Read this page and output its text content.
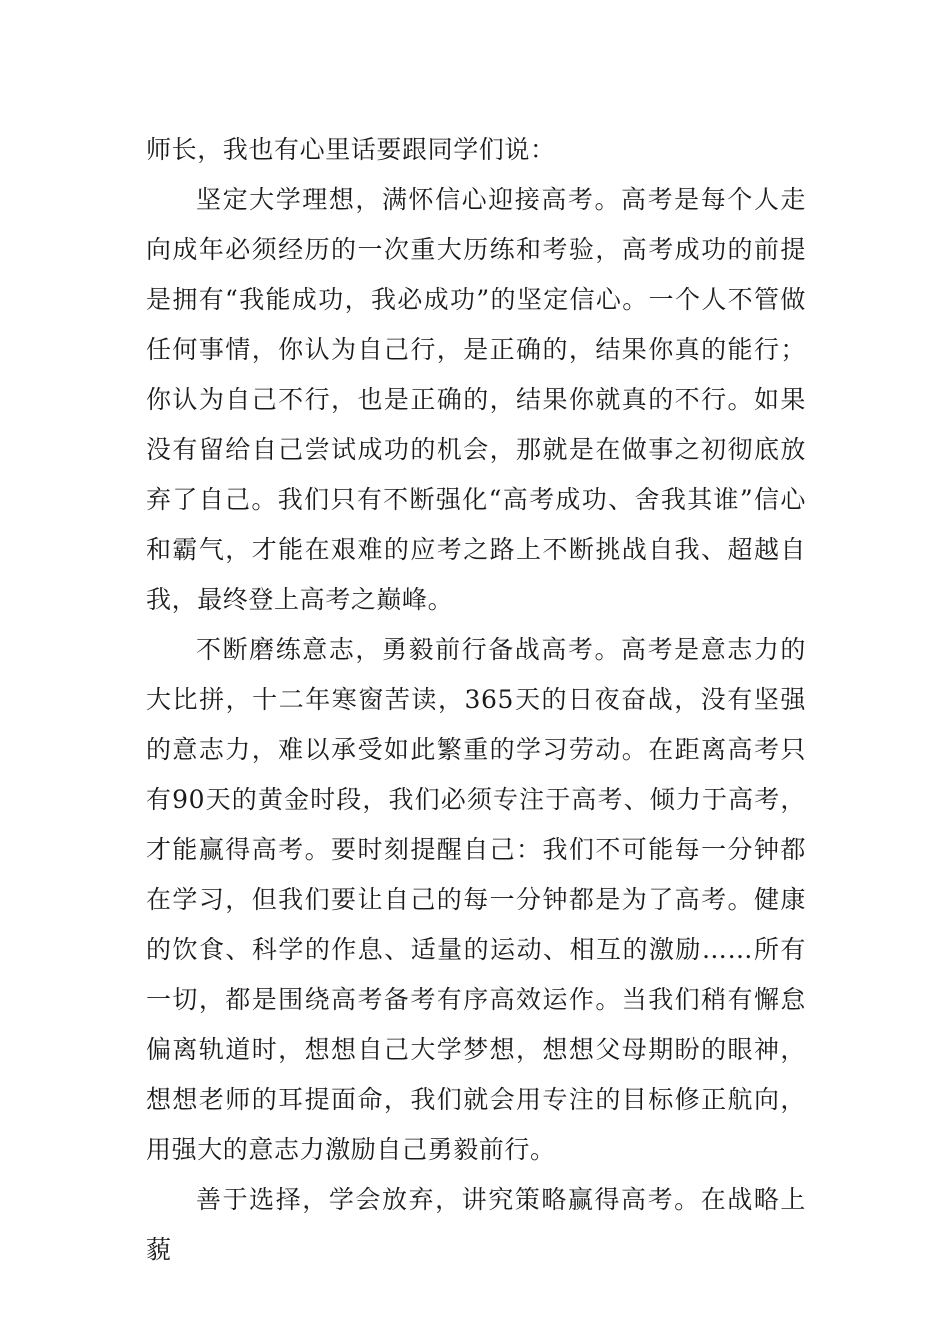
师长，我也有心里话要跟同学们说：

坚定大学理想，满怀信心迎接高考。高考是每个人走向成年必须经历的一次重大历练和考验，高考成功的前提是拥有“我能成功，我必成功”的坚定信心。一个人不管做任何事情，你认为自己行，是正确的，结果你真的能行；你认为自己不行，也是正确的，结果你就真的不行。如果没有留给自己尝试成功的机会，那就是在做事之初彻底放弃了自己。我们只有不断强化“高考成功、舍我其谁”信心和霸气，才能在艰难的应考之路上不断挑战自我、超越自我，最终登上高考之巅峰。

不断磨练意志，勇毅前行备战高考。高考是意志力的大比拼，十二年寒窗苦读，365天的日夜奋战，没有坚强的意志力，难以承受如此繁重的学习劳动。在距离高考只有90天的黄金时段，我们必须专注于高考、倾力于高考，才能赢得高考。要时刻提醒自己：我们不可能每一分钟都在学习，但我们要让自己的每一分钟都是为了高考。健康的饮食、科学的作息、适量的运动、相互的激励……所有一切，都是围绕高考备考有序高效运作。当我们稍有懈怠偏离轨道时，想想自己大学梦想，想想父母期盼的眼神，想想老师的耳提面命，我们就会用专注的目标修正航向，用强大的意志力激励自己勇毅前行。

善于选择，学会放弃，讲究策略赢得高考。在战略上藐
